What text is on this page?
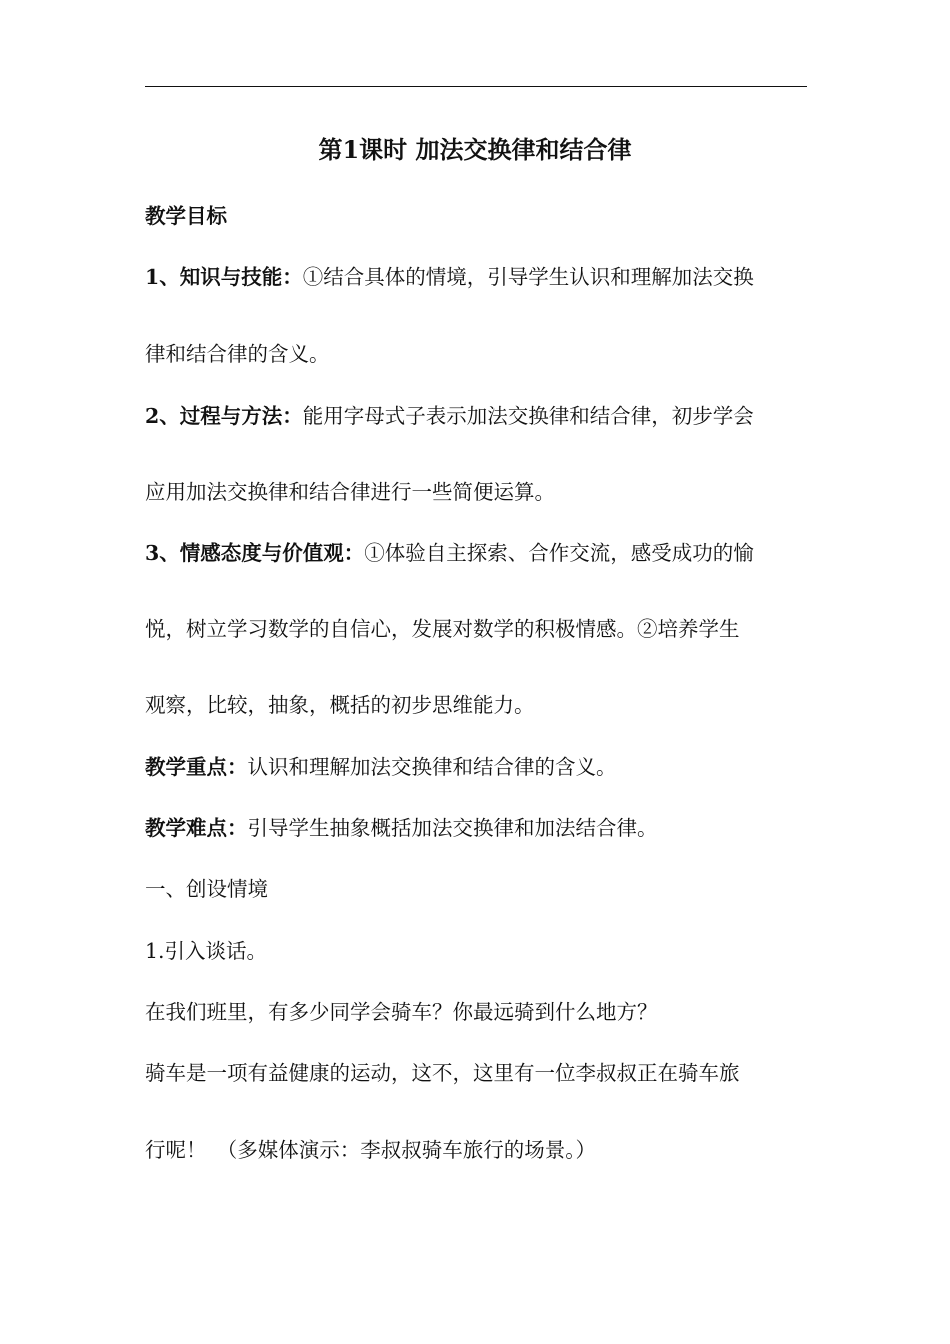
第1课时 加法交换律和结合律
教学目标
1、知识与技能：①结合具体的情境，引导学生认识和理解加法交换
律和结合律的含义。
2、过程与方法：能用字母式子表示加法交换律和结合律，初步学会
应用加法交换律和结合律进行一些简便运算。
3、情感态度与价值观：①体验自主探索、合作交流，感受成功的愉
悦，树立学习数学的自信心，发展对数学的积极情感。②培养学生
观察，比较，抽象，概括的初步思维能力。
教学重点：认识和理解加法交换律和结合律的含义。
教学难点：引导学生抽象概括加法交换律和加法结合律。
一、创设情境
1.引入谈话。
在我们班里，有多少同学会骑车？你最远骑到什么地方？
骑车是一项有益健康的运动，这不，这里有一位李叔叔正在骑车旅
行呢！　（多媒体演示：李叔叔骑车旅行的场景。）
